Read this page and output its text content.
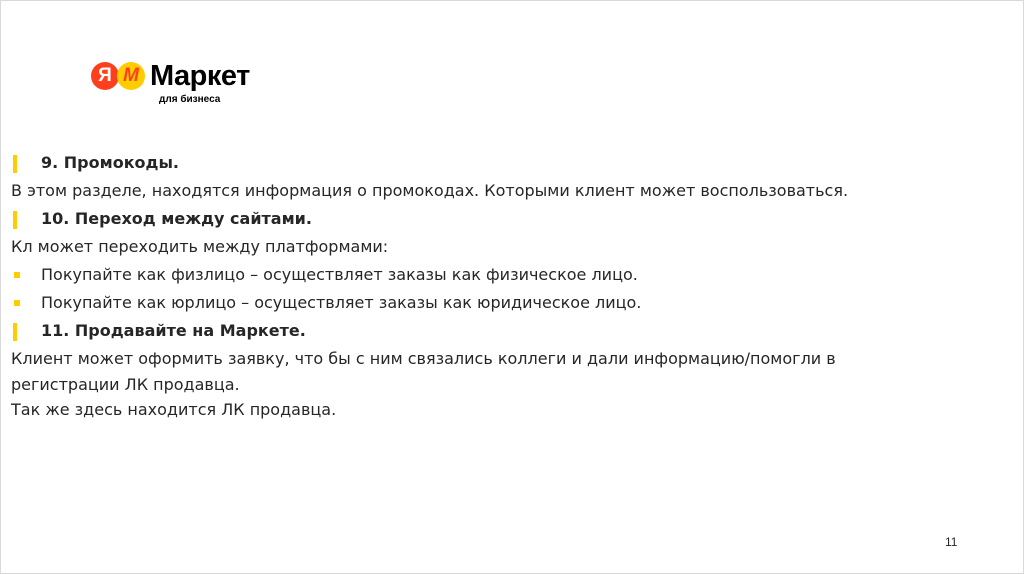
Я М Маркет
для бизнеса
9. Промокоды.
В этом разделе, находятся информация о промокодах. Которыми клиент может воспользоваться.
10. Переход между сайтами.
Кл может переходить между платформами:
Покупайте как физлицо – осуществляет заказы как физическое лицо.
Покупайте как юрлицо – осуществляет заказы как юридическое лицо.
11. Продавайте на Маркете.
Клиент может оформить заявку, что бы с ним связались коллеги и дали информацию/помогли в регистрации ЛК продавца.
Так же здесь находится ЛК продавца.
11
